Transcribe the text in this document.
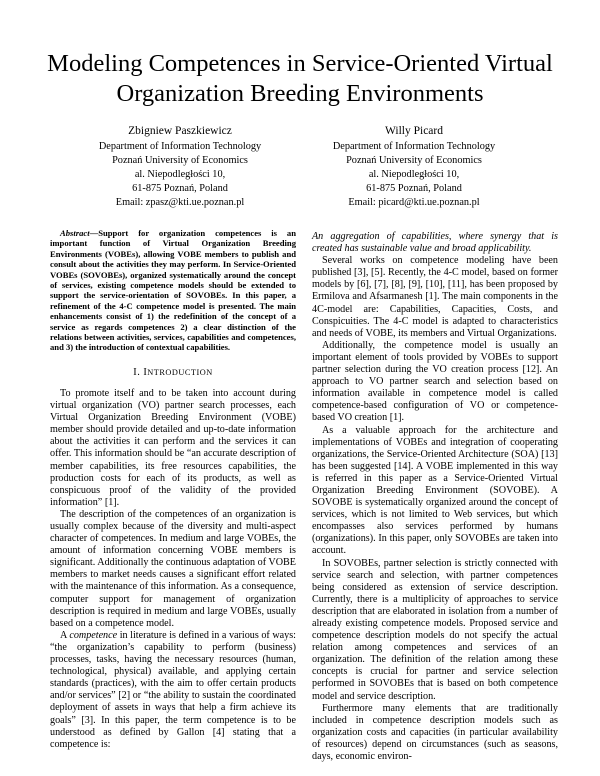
Modeling Competences in Service-Oriented Virtual
Organization Breeding Environments
Zbigniew Paszkiewicz
Department of Information Technology
Poznań University of Economics
al. Niepodległości 10,
61-875 Poznań, Poland
Email: zpasz@kti.ue.poznan.pl
Willy Picard
Department of Information Technology
Poznań University of Economics
al. Niepodległości 10,
61-875 Poznań, Poland
Email: picard@kti.ue.poznan.pl

Abstract—Support for organization competences is an important function of Virtual Organization Breeding Environments (VOBEs), allowing VOBE members to publish and consult about the activities they may perform. In Service-Oriented VOBEs (SOVOBEs), organized systematically around the concept of services, existing competence models should be extended to support the service-orientation of SOVOBEs. In this paper, a refinement of the 4-C competence model is presented. The main enhancements consist of 1) the redefinition of the concept of a service as regards competences 2) a clear distinction of the relations between activities, services, capabilities and competences, and 3) the introduction of contextual capabilities.

I. INTRODUCTION

To promote itself and to be taken into account during virtual organization (VO) partner search processes, each Virtual Organization Breeding Environment (VOBE) member should provide detailed and up-to-date information about the activities it can perform and the services it can offer. This information should be “an accurate description of member capabilities, its free resources capabilities, the production costs for each of its products, as well as conspicuous proof of the validity of the provided information” [1].

The description of the competences of an organization is usually complex because of the diversity and multi-aspect character of competences. In medium and large VOBEs, the amount of information concerning VOBE members is significant. Additionally the continuous adaptation of VOBE members to market needs causes a significant effort related with the maintenance of this information. As a consequence, computer support for management of organization description is required in medium and large VOBEs, usually based on a competence model.

A competence in literature is defined in a various of ways: “the organization’s capability to perform (business) processes, tasks, having the necessary resources (human, technological, physical) available, and applying certain standards (practices), with the aim to offer certain products and/or services” [2] or “the ability to sustain the coordinated deployment of assets in ways that help a firm achieve its goals” [3]. In this paper, the term competence is to be understood as defined by Gallon [4] stating that a competence is:

An aggregation of capabilities, where synergy that is created has sustainable value and broad applicability.

Several works on competence modeling have been published [3], [5]. Recently, the 4-C model, based on former models by [6], [7], [8], [9], [10], [11], has been proposed by Ermilova and Afsarmanesh [1]. The main components in the 4C-model are: Capabilities, Capacities, Costs, and Conspicuities. The 4-C model is adapted to characteristics and needs of VOBE, its members and Virtual Organizations.

Additionally, the competence model is usually an important element of tools provided by VOBEs to support partner selection during the VO creation process [12]. An approach to VO partner search and selection based on information available in competence model is called competence-based configuration of VO or competence-based VO creation [1].

As a valuable approach for the architecture and implementations of VOBEs and integration of cooperating organizations, the Service-Oriented Architecture (SOA) [13] has been suggested [14]. A VOBE implemented in this way is referred in this paper as a Service-Oriented Virtual Organization Breeding Environment (SOVOBE). A SOVOBE is systematically organized around the concept of services, which is not limited to Web services, but which encompasses also services performed by humans (organizations). In this paper, only SOVOBEs are taken into account.

In SOVOBEs, partner selection is strictly connected with service search and selection, with partner competences being considered as extension of service description. Currently, there is a multiplicity of approaches to service description that are elaborated in isolation from a number of already existing competence models. Proposed service and competence description models do not specify the actual relation among competences and services of an organization. The definition of the relation among these concepts is crucial for partner and service selection performed in SOVOBEs that is based on both competence model and service description.

Furthermore many elements that are traditionally included in competence description models such as organization costs and capacities (in particular availability of resources) depend on circumstances (such as seasons, days, economic environ-
